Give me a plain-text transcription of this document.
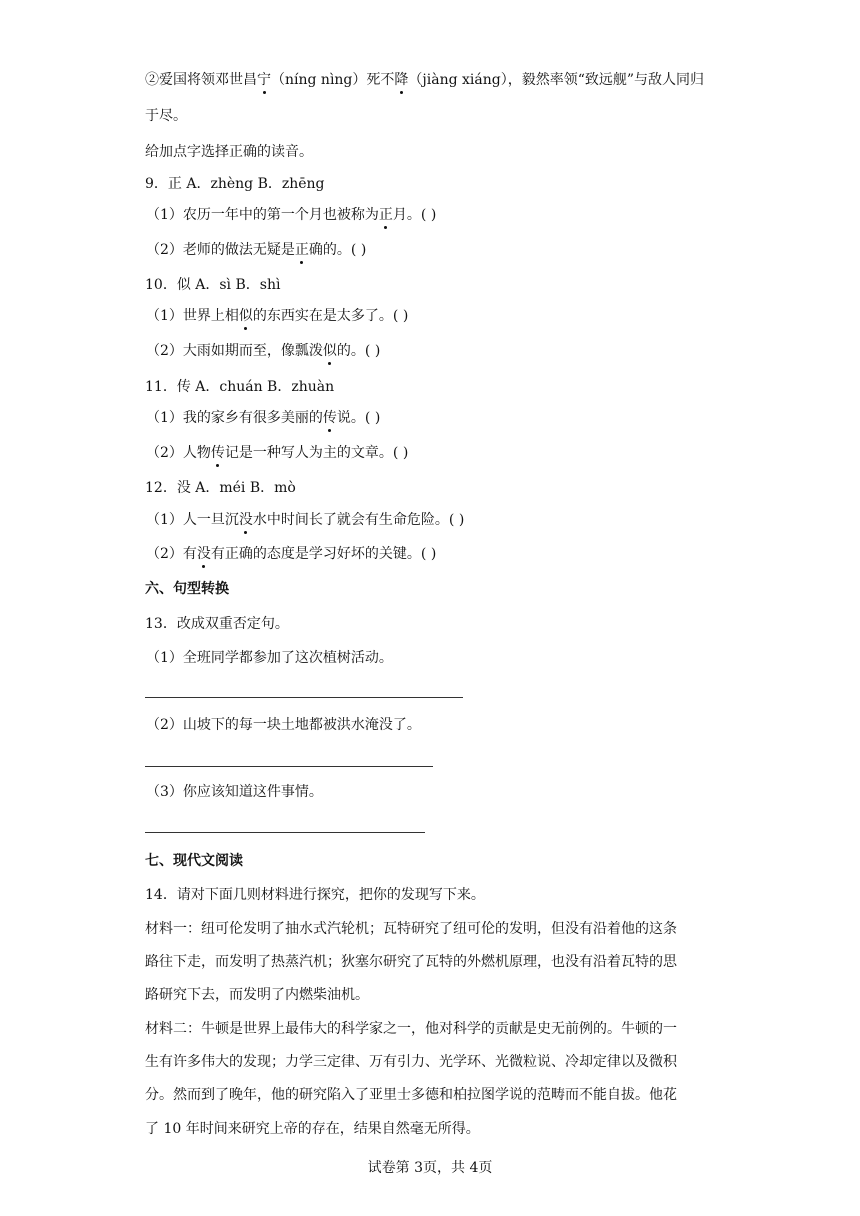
②爱国将领邓世昌宁（níng nìng）死不降（jiàng xiáng），毅然率领“致远舰”与敌人同归
于尽。
给加点字选择正确的读音。
9．正 A．zhèng B．zhēng
（1）农历一年中的第一个月也被称为正月。( )
（2）老师的做法无疑是正确的。( )
10．似 A．sì B．shì
（1）世界上相似的东西实在是太多了。( )
（2）大雨如期而至，像瓢泼似的。( )
11．传 A．chuán B．zhuàn
（1）我的家乡有很多美丽的传说。( )
（2）人物传记是一种写人为主的文章。( )
12．没 A．méi B．mò
（1）人一旦沉没水中时间长了就会有生命危险。( )
（2）有没有正确的态度是学习好坏的关键。( )
六、句型转换
13．改成双重否定句。
（1）全班同学都参加了这次植树活动。
（2）山坡下的每一块土地都被洪水淹没了。
（3）你应该知道这件事情。
七、现代文阅读
14．请对下面几则材料进行探究，把你的发现写下来。
材料一：纽可伦发明了抽水式汽轮机；瓦特研究了纽可伦的发明，但没有沿着他的这条
路往下走，而发明了热蒸汽机；狄塞尔研究了瓦特的外燃机原理，也没有沿着瓦特的思
路研究下去，而发明了内燃柴油机。
材料二：牛顿是世界上最伟大的科学家之一，他对科学的贡献是史无前例的。牛顿的一
生有许多伟大的发现；力学三定律、万有引力、光学环、光微粒说、冷却定律以及微积
分。然而到了晚年，他的研究陷入了亚里士多德和柏拉图学说的范畴而不能自拔。他花
了 10 年时间来研究上帝的存在，结果自然毫无所得。
试卷第 3页，共 4页
